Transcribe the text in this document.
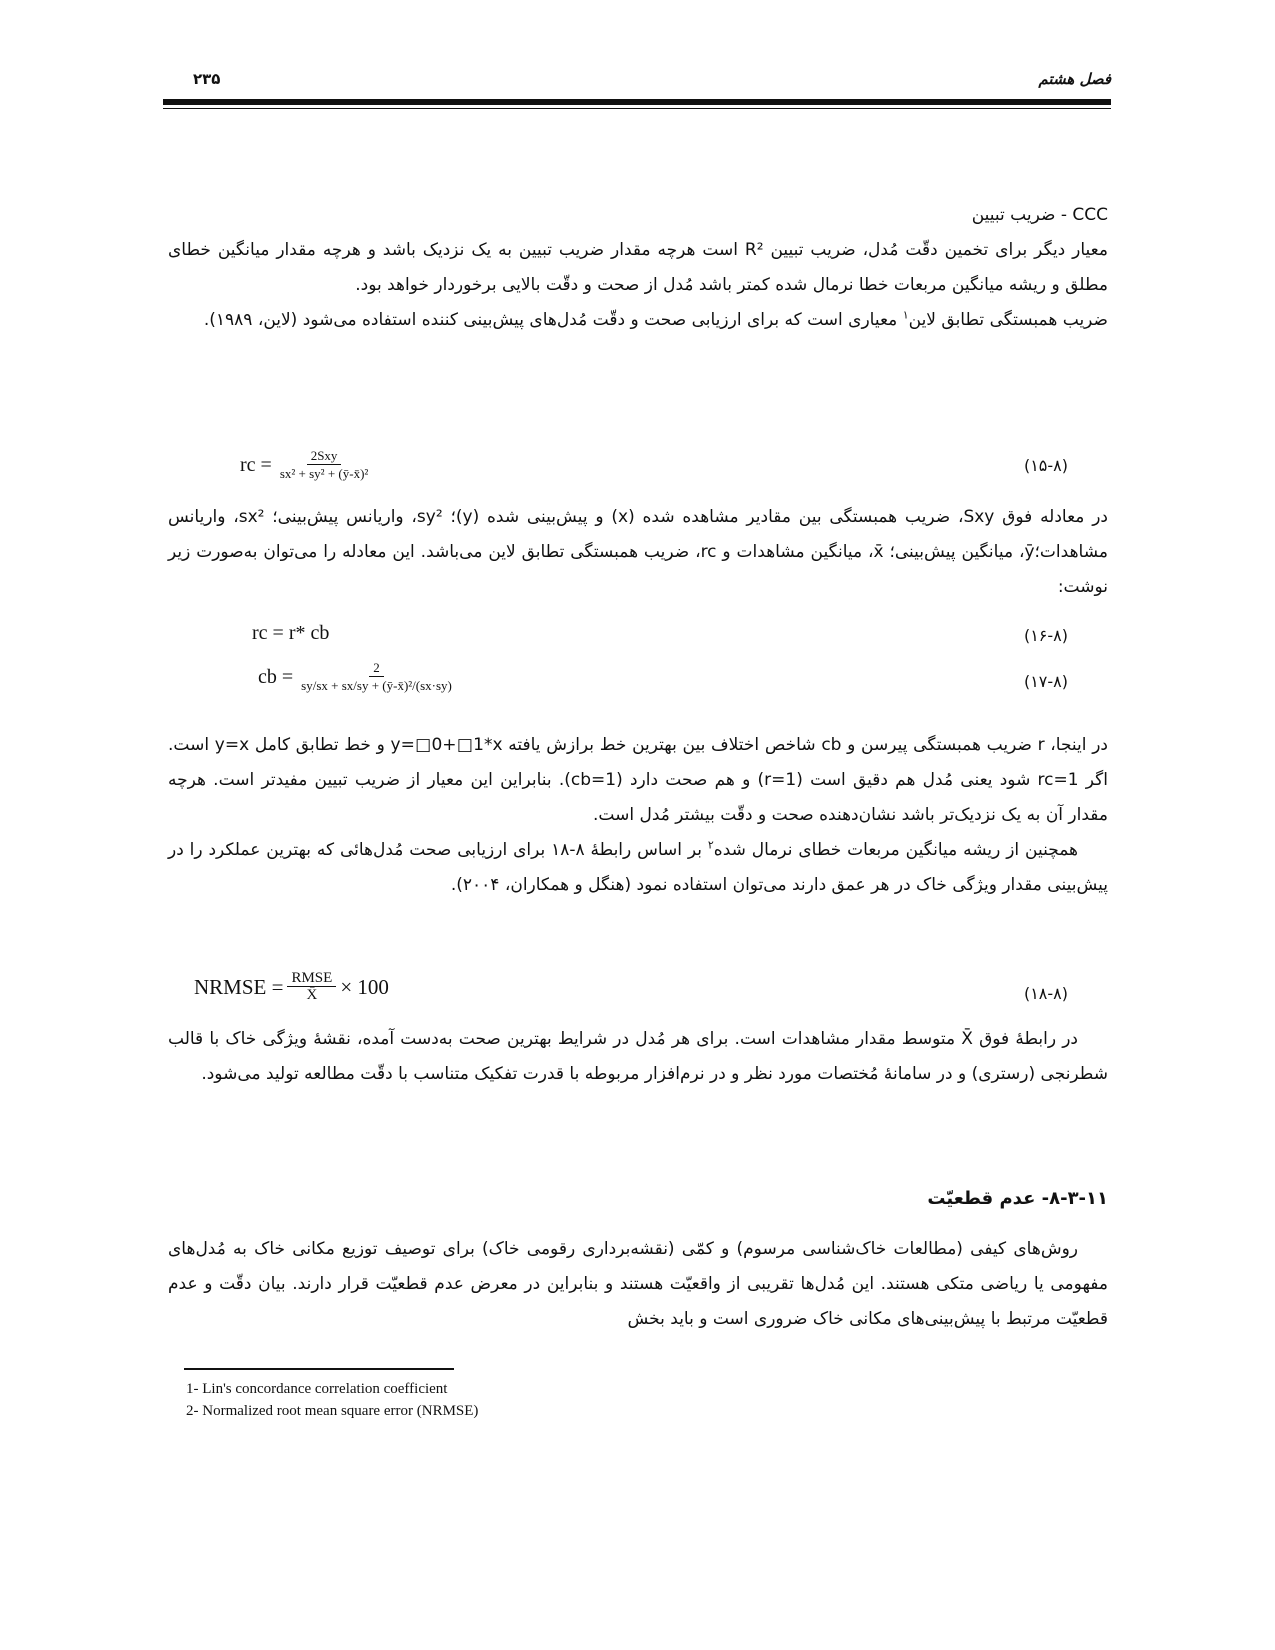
۲۳۵	فصل هشتم

CCC - ضریب تبیین

معیار دیگر برای تخمین دقّت مُدل، ضریب تبیین R² است هرچه مقدار ضریب تبیین به یک نزدیک باشد و هرچه مقدار میانگین خطای مطلق و ریشه میانگین مربعات خطا نرمال شده کمتر باشد مُدل از صحت و دقّت بالایی برخوردار خواهد بود.

ضریب همبستگی تطابق لاین$^۱$ معیاری است که برای ارزیابی صحت و دقّت مُدل‌های پیش‌بینی کننده استفاده می‌شود (لاین، ۱۹۸۹).

rc = $\frac{\text{2Sxy}}{\text{sx² + sy² + (ȳ-x̄)²}}$	(۱۵-۸)

در معادله فوق Sxy، ضریب همبستگی بین مقادیر مشاهده شده (x) و پیش‌بینی شده (y)؛ sy²، واریانس پیش‌بینی؛ sx²، واریانس مشاهدات؛ȳ، میانگین پیش‌بینی؛ x̄، میانگین مشاهدات و rc، ضریب همبستگی تطابق لاین می‌باشد. این معادله را می‌توان به‌صورت زیر نوشت:

rc = r* cb	(۱۶-۸)
cb = $\frac{2}{\text{sy/sx + sx/sy + (ȳ-x̄)²/(sx·sy)}}$	(۱۷-۸)

در اینجا، r ضریب همبستگی پیرسن و cb شاخص اختلاف بین بهترین خط برازش یافته y=□0+□1*x و خط تطابق کامل y=x است. اگر rc=1 شود یعنی مُدل هم دقیق است (r=1) و هم صحت دارد (cb=1). بنابراین این معیار از ضریب تبیین مفیدتر است. هرچه مقدار آن به یک نزدیک‌تر باشد نشان‌دهنده صحت و دقّت بیشتر مُدل است.

همچنین از ریشه میانگین مربعات خطای نرمال شده$^۲$ بر اساس رابطهٔ ۸-۱۸ برای ارزیابی صحت مُدل‌هائی که بهترین عملکرد را در پیش‌بینی مقدار ویژگی خاک در هر عمق دارند می‌توان استفاده نمود (هنگل و همکاران، ۲۰۰۴).

NRMSE = $\frac{\text{RMSE}}{X̄} \times 100$	(۱۸-۸)

در رابطهٔ فوق X̄ متوسط مقدار مشاهدات است. برای هر مُدل در شرایط بهترین صحت به‌دست آمده، نقشهٔ ویژگی خاک با قالب شطرنجی (رستری) و در سامانهٔ مُختصات مورد نظر و در نرم‌افزار مربوطه با قدرت تفکیک متناسب با دقّت مطالعه تولید می‌شود.

۸-۳-۱۱- عدم قطعیّت

روش‌های کیفی (مطالعات خاک‌شناسی مرسوم) و کمّی (نقشه‌برداری رقومی خاک) برای توصیف توزیع مکانی خاک به مُدل‌های مفهومی یا ریاضی متکی هستند. این مُدل‌ها تقریبی از واقعیّت هستند و بنابراین در معرض عدم قطعیّت قرار دارند. بیان دقّت و عدم قطعیّت مرتبط با پیش‌بینی‌های مکانی خاک ضروری است و باید بخش

1- Lin's concordance correlation coefficient
2- Normalized root mean square error (NRMSE)
